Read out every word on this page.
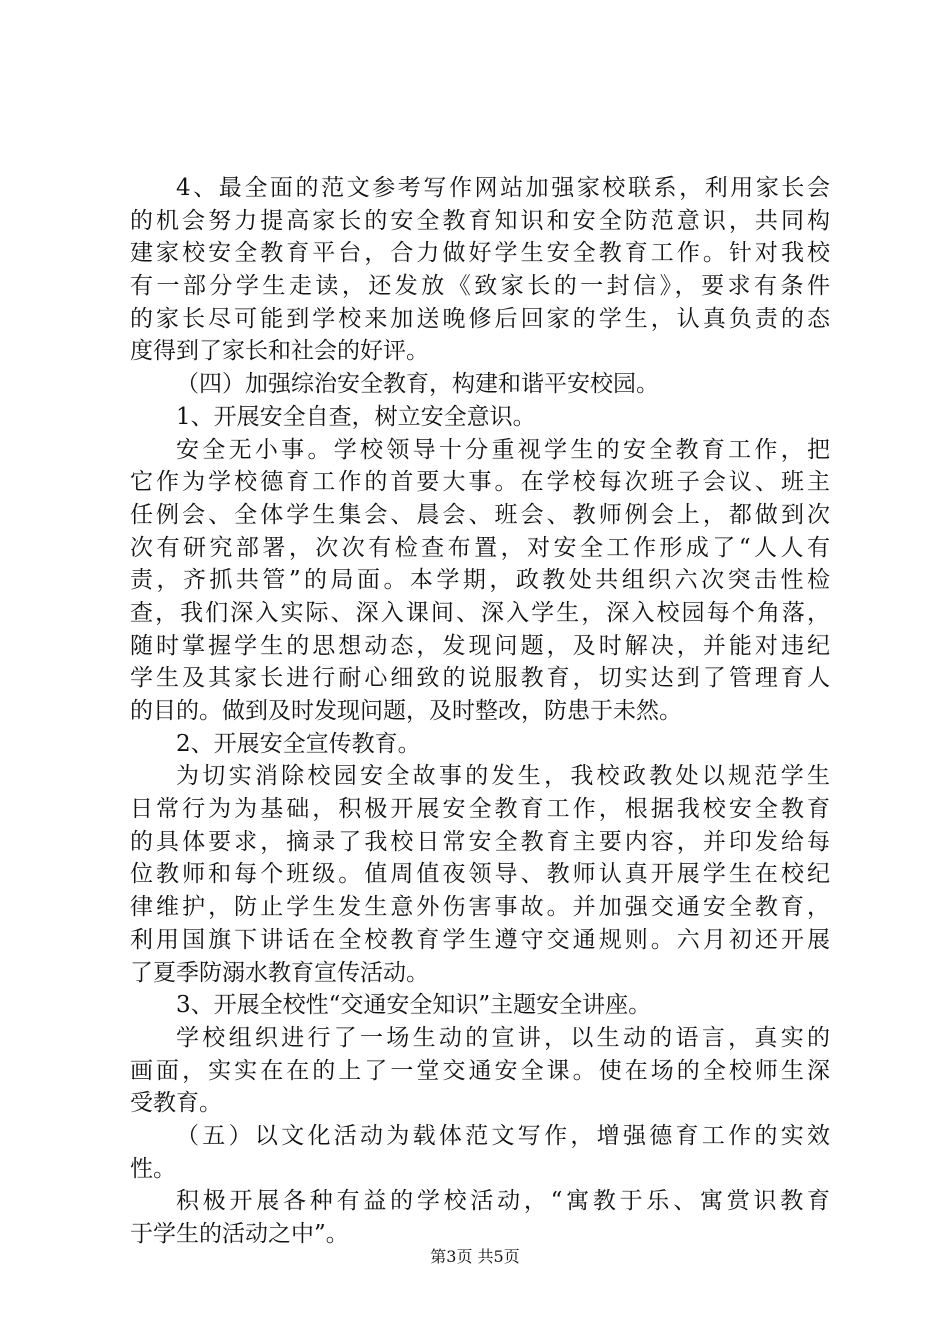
4、最全面的范文参考写作网站加强家校联系，利用家长会
的机会努力提高家长的安全教育知识和安全防范意识，共同构
建家校安全教育平台，合力做好学生安全教育工作。针对我校
有一部分学生走读，还发放《致家长的一封信》，要求有条件
的家长尽可能到学校来加送晚修后回家的学生，认真负责的态
度得到了家长和社会的好评。
（四）加强综治安全教育，构建和谐平安校园。
1、开展安全自查，树立安全意识。
安全无小事。学校领导十分重视学生的安全教育工作，把
它作为学校德育工作的首要大事。在学校每次班子会议、班主
任例会、全体学生集会、晨会、班会、教师例会上，都做到次
次有研究部署，次次有检查布置，对安全工作形成了“人人有
责，齐抓共管”的局面。本学期，政教处共组织六次突击性检
查，我们深入实际、深入课间、深入学生，深入校园每个角落，
随时掌握学生的思想动态，发现问题，及时解决，并能对违纪
学生及其家长进行耐心细致的说服教育，切实达到了管理育人
的目的。做到及时发现问题，及时整改，防患于未然。
2、开展安全宣传教育。
为切实消除校园安全故事的发生，我校政教处以规范学生
日常行为为基础，积极开展安全教育工作，根据我校安全教育
的具体要求，摘录了我校日常安全教育主要内容，并印发给每
位教师和每个班级。值周值夜领导、教师认真开展学生在校纪
律维护，防止学生发生意外伤害事故。并加强交通安全教育，
利用国旗下讲话在全校教育学生遵守交通规则。六月初还开展
了夏季防溺水教育宣传活动。
3、开展全校性“交通安全知识”主题安全讲座。
学校组织进行了一场生动的宣讲，以生动的语言，真实的
画面，实实在在的上了一堂交通安全课。使在场的全校师生深
受教育。
（五）以文化活动为载体范文写作，增强德育工作的实效
性。
积极开展各种有益的学校活动，“寓教于乐、寓赏识教育
于学生的活动之中”。
第3页 共5页
